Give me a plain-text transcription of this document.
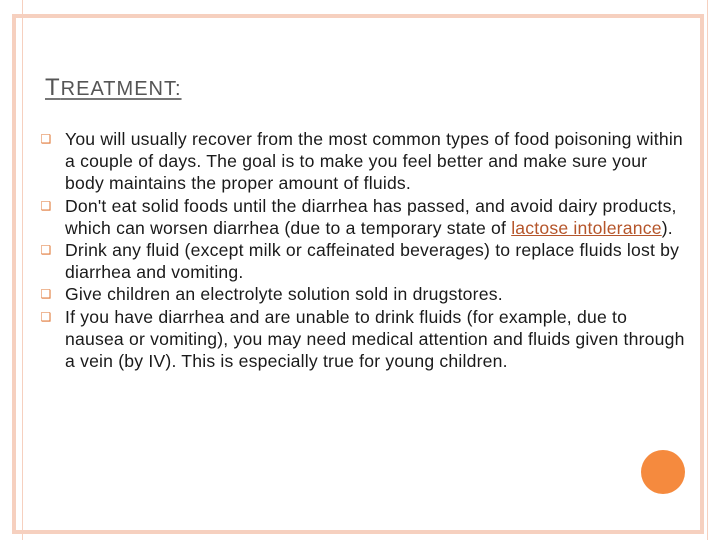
TREATMENT:
❑ You will usually recover from the most common types of food poisoning within a couple of days. The goal is to make you feel better and make sure your body maintains the proper amount of fluids.
❑ Don't eat solid foods until the diarrhea has passed, and avoid dairy products, which can worsen diarrhea (due to a temporary state of lactose intolerance).
❑ Drink any fluid (except milk or caffeinated beverages) to replace fluids lost by diarrhea and vomiting.
❑ Give children an electrolyte solution sold in drugstores.
❑ If you have diarrhea and are unable to drink fluids (for example, due to nausea or vomiting), you may need medical attention and fluids given through a vein (by IV). This is especially true for young children.
